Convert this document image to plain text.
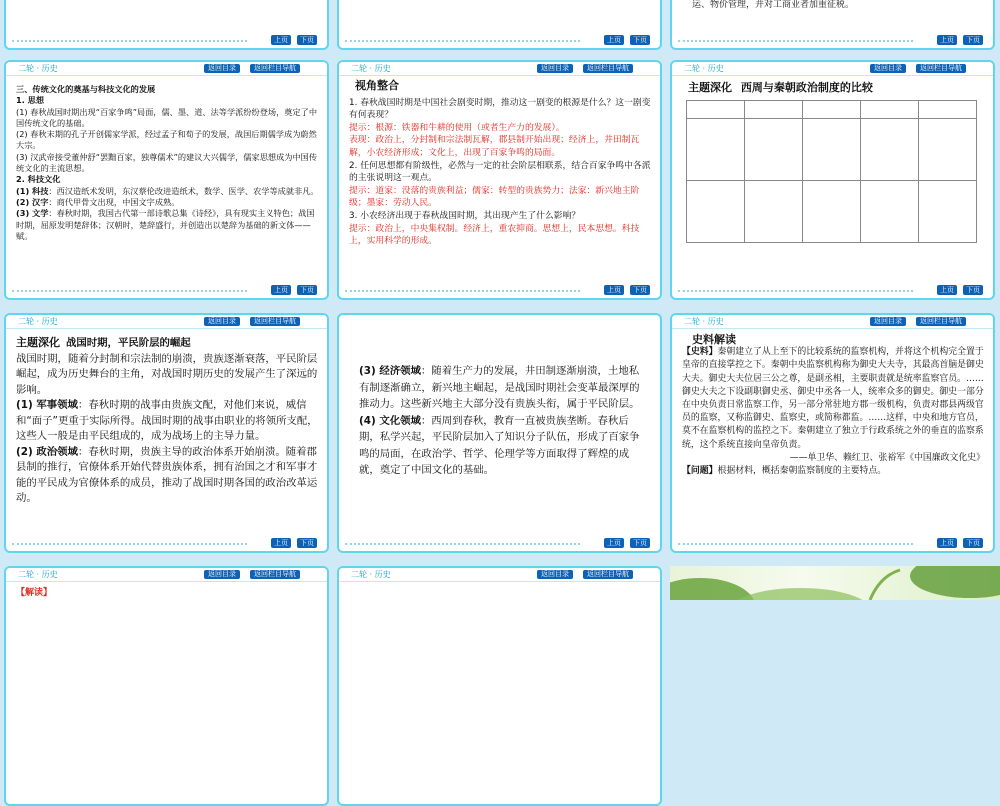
上页	下页	上页	下页
运、物价管理，并对工商业者加重征税。
上页	下页
二轮 · 历史	返回目录	返回栏目导航
三、传统文化的奠基与科技文化的发展
1. 思想
(1) 春秋战国时期出现“百家争鸣”局面，儒、墨、道、法等学派纷纷登场，奠定了中国传统文化的基础。
(2) 春秋末期的孔子开创儒家学派，经过孟子和荀子的发展，战国后期儒学成为蔚然大宗。
(3) 汉武帝接受董仲舒“罢黜百家，独尊儒术”的建议大兴儒学，儒家思想成为中国传统文化的主流思想。
2. 科技文化
(1) 科技：西汉造纸术发明，东汉蔡伦改进造纸术，数学、医学、农学等成就非凡。
(2) 汉字：商代甲骨文出现，中国文字成熟。
(3) 文学：春秋时期，我国古代第一部诗歌总集《诗经》，具有现实主义特色；战国时期，屈原发明楚辞体；汉朝时，楚辞盛行，并创造出以楚辞为基础的新文体——赋。
上页	下页
二轮 · 历史	返回目录	返回栏目导航
视角整合
1. 春秋战国时期是中国社会剧变时期，推动这一剧变的根源是什么？这一剧变有何表现？
提示：根源：铁器和牛耕的使用（或者生产力的发展）。
表现：政治上，分封制和宗法制瓦解，郡县制开始出现；经济上，井田制瓦解，小农经济形成；文化上，出现了百家争鸣的局面。
2. 任何思想都有阶级性，必然与一定的社会阶层相联系，结合百家争鸣中各派的主张说明这一观点。
提示：道家：没落的贵族利益；儒家：转型的贵族势力；法家：新兴地主阶级；墨家：劳动人民。
3. 小农经济出现于春秋战国时期，其出现产生了什么影响？
提示：政治上，中央集权制。经济上，重农抑商。思想上，民本思想。科技上，实用科学的形成。
上页	下页
二轮 · 历史	返回目录	返回栏目导航
主题深化 西周与秦朝政治制度的比较

上页	下页
二轮 · 历史	返回目录	返回栏目导航
主题深化 战国时期，平民阶层的崛起
战国时期，随着分封制和宗法制的崩溃，贵族逐渐衰落，平民阶层崛起，成为历史舞台的主角，对战国时期历史的发展产生了深远的影响。
(1) 军事领域：春秋时期的战事由贵族文配，对他们来说，威信和“面子”更重于实际所得。战国时期的战事由职业的将领所支配，这些人一般是由平民组成的，成为战场上的主导力量。
(2) 政治领域：春秋时期，贵族主导的政治体系开始崩溃。随着郡县制的推行，官僚体系开始代替贵族体系，拥有治国之才和军事才能的平民成为官僚体系的成员，推动了战国时期各国的政治改革运动。
上页	下页
(3) 经济领域：随着生产力的发展，井田制逐渐崩溃，土地私有制逐渐确立，新兴地主崛起，是战国时期社会变革最深厚的推动力。这些新兴地主大部分没有贵族头衔，属于平民阶层。
(4) 文化领域：西周到春秋，教育一直被贵族垄断。春秋后期，私学兴起，平民阶层加入了知识分子队伍，形成了百家争鸣的局面，在政治学、哲学、伦理学等方面取得了辉煌的成就，奠定了中国文化的基础。
上页	下页
二轮 · 历史	返回目录	返回栏目导航
史料解读
【史料】秦朝建立了从上至下的比较系统的监察机构，并将这个机构完全置于皇帝的直接掌控之下。秦朝中央监察机构称为御史大夫寺，其最高首脑是御史大夫。御史大夫位居三公之尊，是副丞相，主要职责就是统率监察官员。……御史大夫之下设副职御史丞、御史中丞各一人，统率众多的御史。御史一部分在中央负责日常监察工作，另一部分常驻地方郡一级机构，负责对郡县两级官员的监察，又称监御史、监察史，或简称都监。……这样，中央和地方官员，莫不在监察机构的监控之下。秦朝建立了独立于行政系统之外的垂直的监察系统，这个系统直接向皇帝负责。
——单卫华、赖红卫、张裕军《中国廉政文化史》
【问题】根据材料，概括秦朝监察制度的主要特点。
上页	下页
二轮 · 历史	返回目录	返回栏目导航
【解读】
二轮 · 历史	返回目录	返回栏目导航
